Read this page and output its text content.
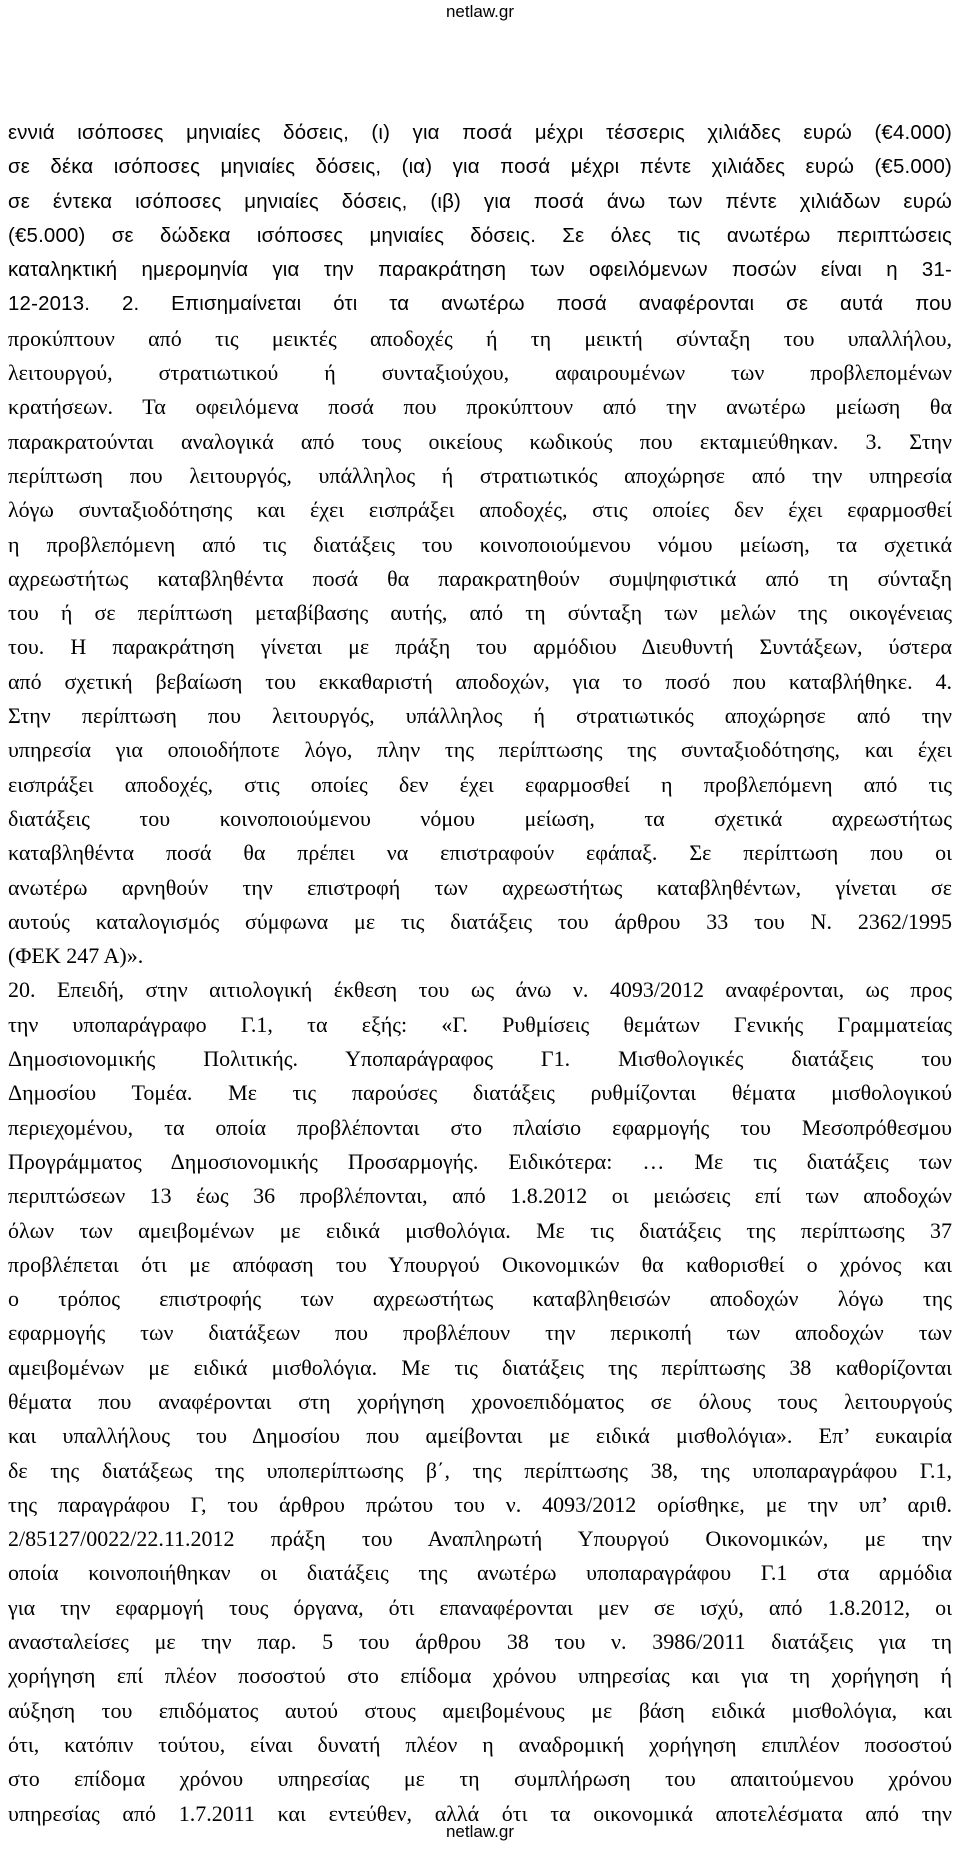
netlaw.gr
εννιά ισόποσες μηνιαίες δόσεις, (ι) για ποσά μέχρι τέσσερις χιλιάδες ευρώ (€4.000)
σε δέκα ισόποσες μηνιαίες δόσεις, (ια) για ποσά μέχρι πέντε χιλιάδες ευρώ (€5.000)
σε έντεκα ισόποσες μηνιαίες δόσεις, (ιβ) για ποσά άνω των πέντε χιλιάδων ευρώ
(€5.000) σε δώδεκα ισόποσες μηνιαίες δόσεις. Σε όλες τις ανωτέρω περιπτώσεις
καταληκτική ημερομηνία για την παρακράτηση των οφειλόμενων ποσών είναι η 31-
12-2013. 2. Επισημαίνεται ότι τα ανωτέρω ποσά αναφέρονται σε αυτά που
προκύπτουν από τις μεικτές αποδοχές ή τη μεικτή σύνταξη του υπαλλήλου,
λειτουργού, στρατιωτικού ή συνταξιούχου, αφαιρουμένων των προβλεπομένων
κρατήσεων. Τα οφειλόμενα ποσά που προκύπτουν από την ανωτέρω μείωση θα
παρακρατούνται αναλογικά από τους οικείους κωδικούς που εκταμιεύθηκαν. 3. Στην
περίπτωση που λειτουργός, υπάλληλος ή στρατιωτικός αποχώρησε από την υπηρεσία
λόγω συνταξιοδότησης και έχει εισπράξει αποδοχές, στις οποίες δεν έχει εφαρμοσθεί
η προβλεπόμενη από τις διατάξεις του κοινοποιούμενου νόμου μείωση, τα σχετικά
αχρεωστήτως καταβληθέντα ποσά θα παρακρατηθούν συμψηφιστικά από τη σύνταξη
του ή σε περίπτωση μεταβίβασης αυτής, από τη σύνταξη των μελών της οικογένειας
του. Η παρακράτηση γίνεται με πράξη του αρμόδιου Διευθυντή Συντάξεων, ύστερα
από σχετική βεβαίωση του εκκαθαριστή αποδοχών, για το ποσό που καταβλήθηκε. 4.
Στην περίπτωση που λειτουργός, υπάλληλος ή στρατιωτικός αποχώρησε από την
υπηρεσία για οποιοδήποτε λόγο, πλην της περίπτωσης της συνταξιοδότησης, και έχει
εισπράξει αποδοχές, στις οποίες δεν έχει εφαρμοσθεί η προβλεπόμενη από τις
διατάξεις του κοινοποιούμενου νόμου μείωση, τα σχετικά αχρεωστήτως
καταβληθέντα ποσά θα πρέπει να επιστραφούν εφάπαξ. Σε περίπτωση που οι
ανωτέρω αρνηθούν την επιστροφή των αχρεωστήτως καταβληθέντων, γίνεται σε
αυτούς καταλογισμός σύμφωνα με τις διατάξεις του άρθρου 33 του Ν. 2362/1995
(ΦΕΚ 247 Α)».
20. Επειδή, στην αιτιολογική έκθεση του ως άνω ν. 4093/2012 αναφέρονται, ως προς
την υποπαράγραφο Γ.1, τα εξής: «Γ. Ρυθμίσεις θεμάτων Γενικής Γραμματείας
Δημοσιονομικής Πολιτικής. Υποπαράγραφος Γ1. Μισθολογικές διατάξεις του
Δημοσίου Τομέα. Με τις παρούσες διατάξεις ρυθμίζονται θέματα μισθολογικού
περιεχομένου, τα οποία προβλέπονται στο πλαίσιο εφαρμογής του Μεσοπρόθεσμου
Προγράμματος Δημοσιονομικής Προσαρμογής. Ειδικότερα: … Με τις διατάξεις των
περιπτώσεων 13 έως 36 προβλέπονται, από 1.8.2012 οι μειώσεις επί των αποδοχών
όλων των αμειβομένων με ειδικά μισθολόγια. Με τις διατάξεις της περίπτωσης 37
προβλέπεται ότι με απόφαση του Υπουργού Οικονομικών θα καθορισθεί ο χρόνος και
ο τρόπος επιστροφής των αχρεωστήτως καταβληθεισών αποδοχών λόγω της
εφαρμογής των διατάξεων που προβλέπουν την περικοπή των αποδοχών των
αμειβομένων με ειδικά μισθολόγια. Με τις διατάξεις της περίπτωσης 38 καθορίζονται
θέματα που αναφέρονται στη χορήγηση χρονοεπιδόματος σε όλους τους λειτουργούς
και υπαλλήλους του Δημοσίου που αμείβονται με ειδικά μισθολόγια». Επ’ ευκαιρία
δε της διατάξεως της υποπερίπτωσης β΄, της περίπτωσης 38, της υποπαραγράφου Γ.1,
της παραγράφου Γ, του άρθρου πρώτου του ν. 4093/2012 ορίσθηκε, με την υπ’ αριθ.
2/85127/0022/22.11.2012 πράξη του Αναπληρωτή Υπουργού Οικονομικών, με την
οποία κοινοποιήθηκαν οι διατάξεις της ανωτέρω υποπαραγράφου Γ.1 στα αρμόδια
για την εφαρμογή τους όργανα, ότι επαναφέρονται μεν σε ισχύ, από 1.8.2012, οι
ανασταλείσες με την παρ. 5 του άρθρου 38 του ν. 3986/2011 διατάξεις για τη
χορήγηση επί πλέον ποσοστού στο επίδομα χρόνου υπηρεσίας και για τη χορήγηση ή
αύξηση του επιδόματος αυτού στους αμειβομένους με βάση ειδικά μισθολόγια, και
ότι, κατόπιν τούτου, είναι δυνατή πλέον η αναδρομική χορήγηση επιπλέον ποσοστού
στο επίδομα χρόνου υπηρεσίας με τη συμπλήρωση του απαιτούμενου χρόνου
υπηρεσίας από 1.7.2011 και εντεύθεν, αλλά ότι τα οικονομικά αποτελέσματα από την
netlaw.gr
